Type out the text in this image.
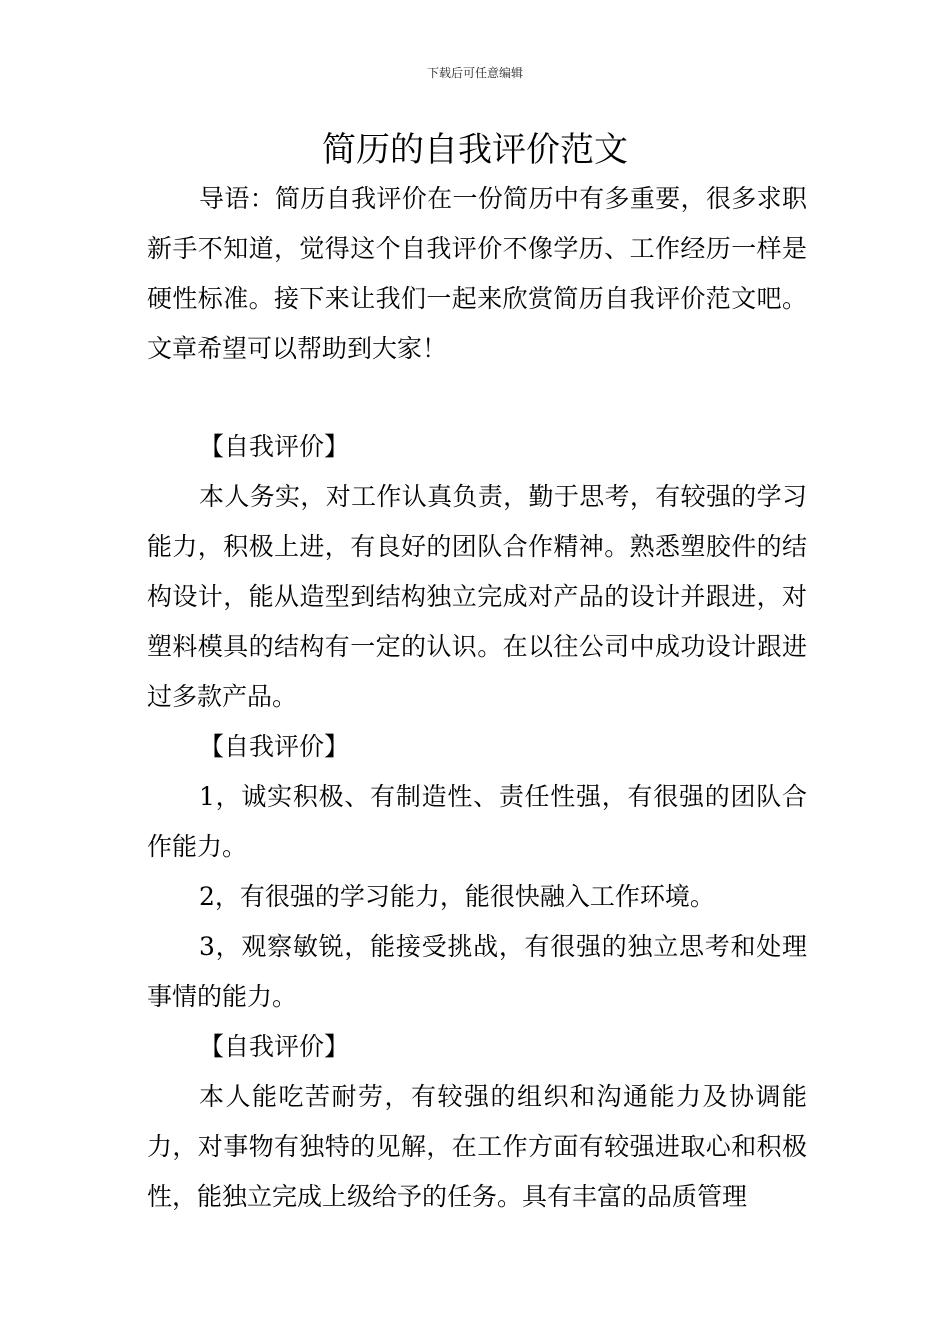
下载后可任意编辑
简历的自我评价范文

导语：简历自我评价在一份简历中有多重要，很多求职新手不知道，觉得这个自我评价不像学历、工作经历一样是硬性标准。接下来让我们一起来欣赏简历自我评价范文吧。文章希望可以帮助到大家！

【自我评价】

本人务实，对工作认真负责，勤于思考，有较强的学习能力，积极上进，有良好的团队合作精神。熟悉塑胶件的结构设计，能从造型到结构独立完成对产品的设计并跟进，对塑料模具的结构有一定的认识。在以往公司中成功设计跟进过多款产品。

【自我评价】

1，诚实积极、有制造性、责任性强，有很强的团队合作能力。

2，有很强的学习能力，能很快融入工作环境。

3，观察敏锐，能接受挑战，有很强的独立思考和处理事情的能力。

【自我评价】

本人能吃苦耐劳，有较强的组织和沟通能力及协调能力，对事物有独特的见解，在工作方面有较强进取心和积极性，能独立完成上级给予的任务。具有丰富的品质管理
